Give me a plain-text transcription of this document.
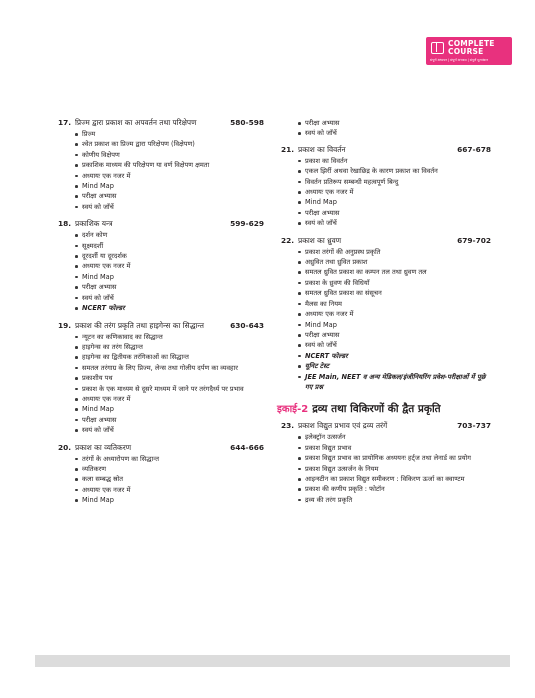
COMPLETE
COURSE
संपूर्ण अध्ययन | संपूर्ण अभ्यास | संपूर्ण मूल्यांकन
17. प्रिज्म द्वारा प्रकाश का अपवर्तन तथा परिक्षेपण	580-598
प्रिज्म
श्वेत प्रकाश का प्रिज्म द्वारा परिक्षेपण (विक्षेपण)
कोणीय विक्षेपण
प्रकाशिक माध्यम की परिक्षेपण या वर्ण विक्षेपण क्षमता
अध्यायः एक नजर में
Mind Map
परीक्षा अभ्यास
स्वयं को जाँचें
18. प्रकाशिक यन्त्र	599-629
दर्शन कोण
सूक्ष्मदर्शी
दूरदर्शी या दूरदर्शक
अध्यायः एक नजर में
Mind Map
परीक्षा अभ्यास
स्वयं को जाँचें
NCERT फोल्डर
19. प्रकाश की तरंग प्रकृति तथा हाइगेन्स का सिद्धान्त	630-643
न्यूटन का कणिकावाद का सिद्धान्त
हाइगेन्स का तरंग सिद्धान्त
हाइगेन्स का द्वितीयक तरंगिकाओं का सिद्धान्त
समतल तरंगाग्र के लिए प्रिज्म, लेन्स तथा गोलीय दर्पण का व्यवहार
प्रकाशीय पथ
प्रकाश के एक माध्यम से दूसरे माध्यम में जाने पर तरंगदैर्ध्य पर प्रभाव
अध्यायः एक नजर में
Mind Map
परीक्षा अभ्यास
स्वयं को जाँचें
20. प्रकाश का व्यतिकरण	644-666
तरंगों के अध्यारोपण का सिद्धान्त
व्यतिकरण
कला सम्बद्ध स्रोत
अध्यायः एक नजर में
Mind Map
परीक्षा अभ्यास
स्वयं को जाँचें
21. प्रकाश का विवर्तन	667-678
प्रकाश का विवर्तन
एकल झिर्री अथवा रेखाछिद्र के कारण प्रकाश का विवर्तन
विवर्तन प्रतिरूप सम्बन्धी महत्वपूर्ण बिन्दु
अध्यायः एक नजर में
Mind Map
परीक्षा अभ्यास
स्वयं को जाँचें
22. प्रकाश का ध्रुवण	679-702
प्रकाश तरंगों की अनुप्रस्थ प्रकृति
अध्रुवित तथा ध्रुवित प्रकाश
समतल ध्रुवित प्रकाश का कम्पन तल तथा ध्रुवण तल
प्रकाश के ध्रुवण की विधियाँ
समतल ध्रुवित प्रकाश का संसूचन
मैलस का नियम
अध्यायः एक नजर में
Mind Map
परीक्षा अभ्यास
स्वयं को जाँचें
NCERT फोल्डर
यूनिट टेस्ट
JEE Main, NEET व अन्य मेडिकल/इंजीनियरिंग प्रवेश-परीक्षाओं में पूछे गए प्रश्न
इकाई-2 द्रव्य तथा विकिरणों की द्वैत प्रकृति
23. प्रकाश विद्युत प्रभाव एवं द्रव्य तरंगें	703-737
इलेक्ट्रॉन उत्सर्जन
प्रकाश विद्युत प्रभाव
प्रकाश विद्युत प्रभाव का प्रायोगिक अध्ययनः हर्ट्ज तथा लेनार्ड का प्रयोग
प्रकाश विद्युत उत्सर्जन के नियम
आइन्स्टीन का प्रकाश विद्युत समीकरण : विकिरण ऊर्जा का क्वाण्टम
प्रकाश की कणीय प्रकृति : फोटॉन
द्रव्य की तरंग प्रकृति
